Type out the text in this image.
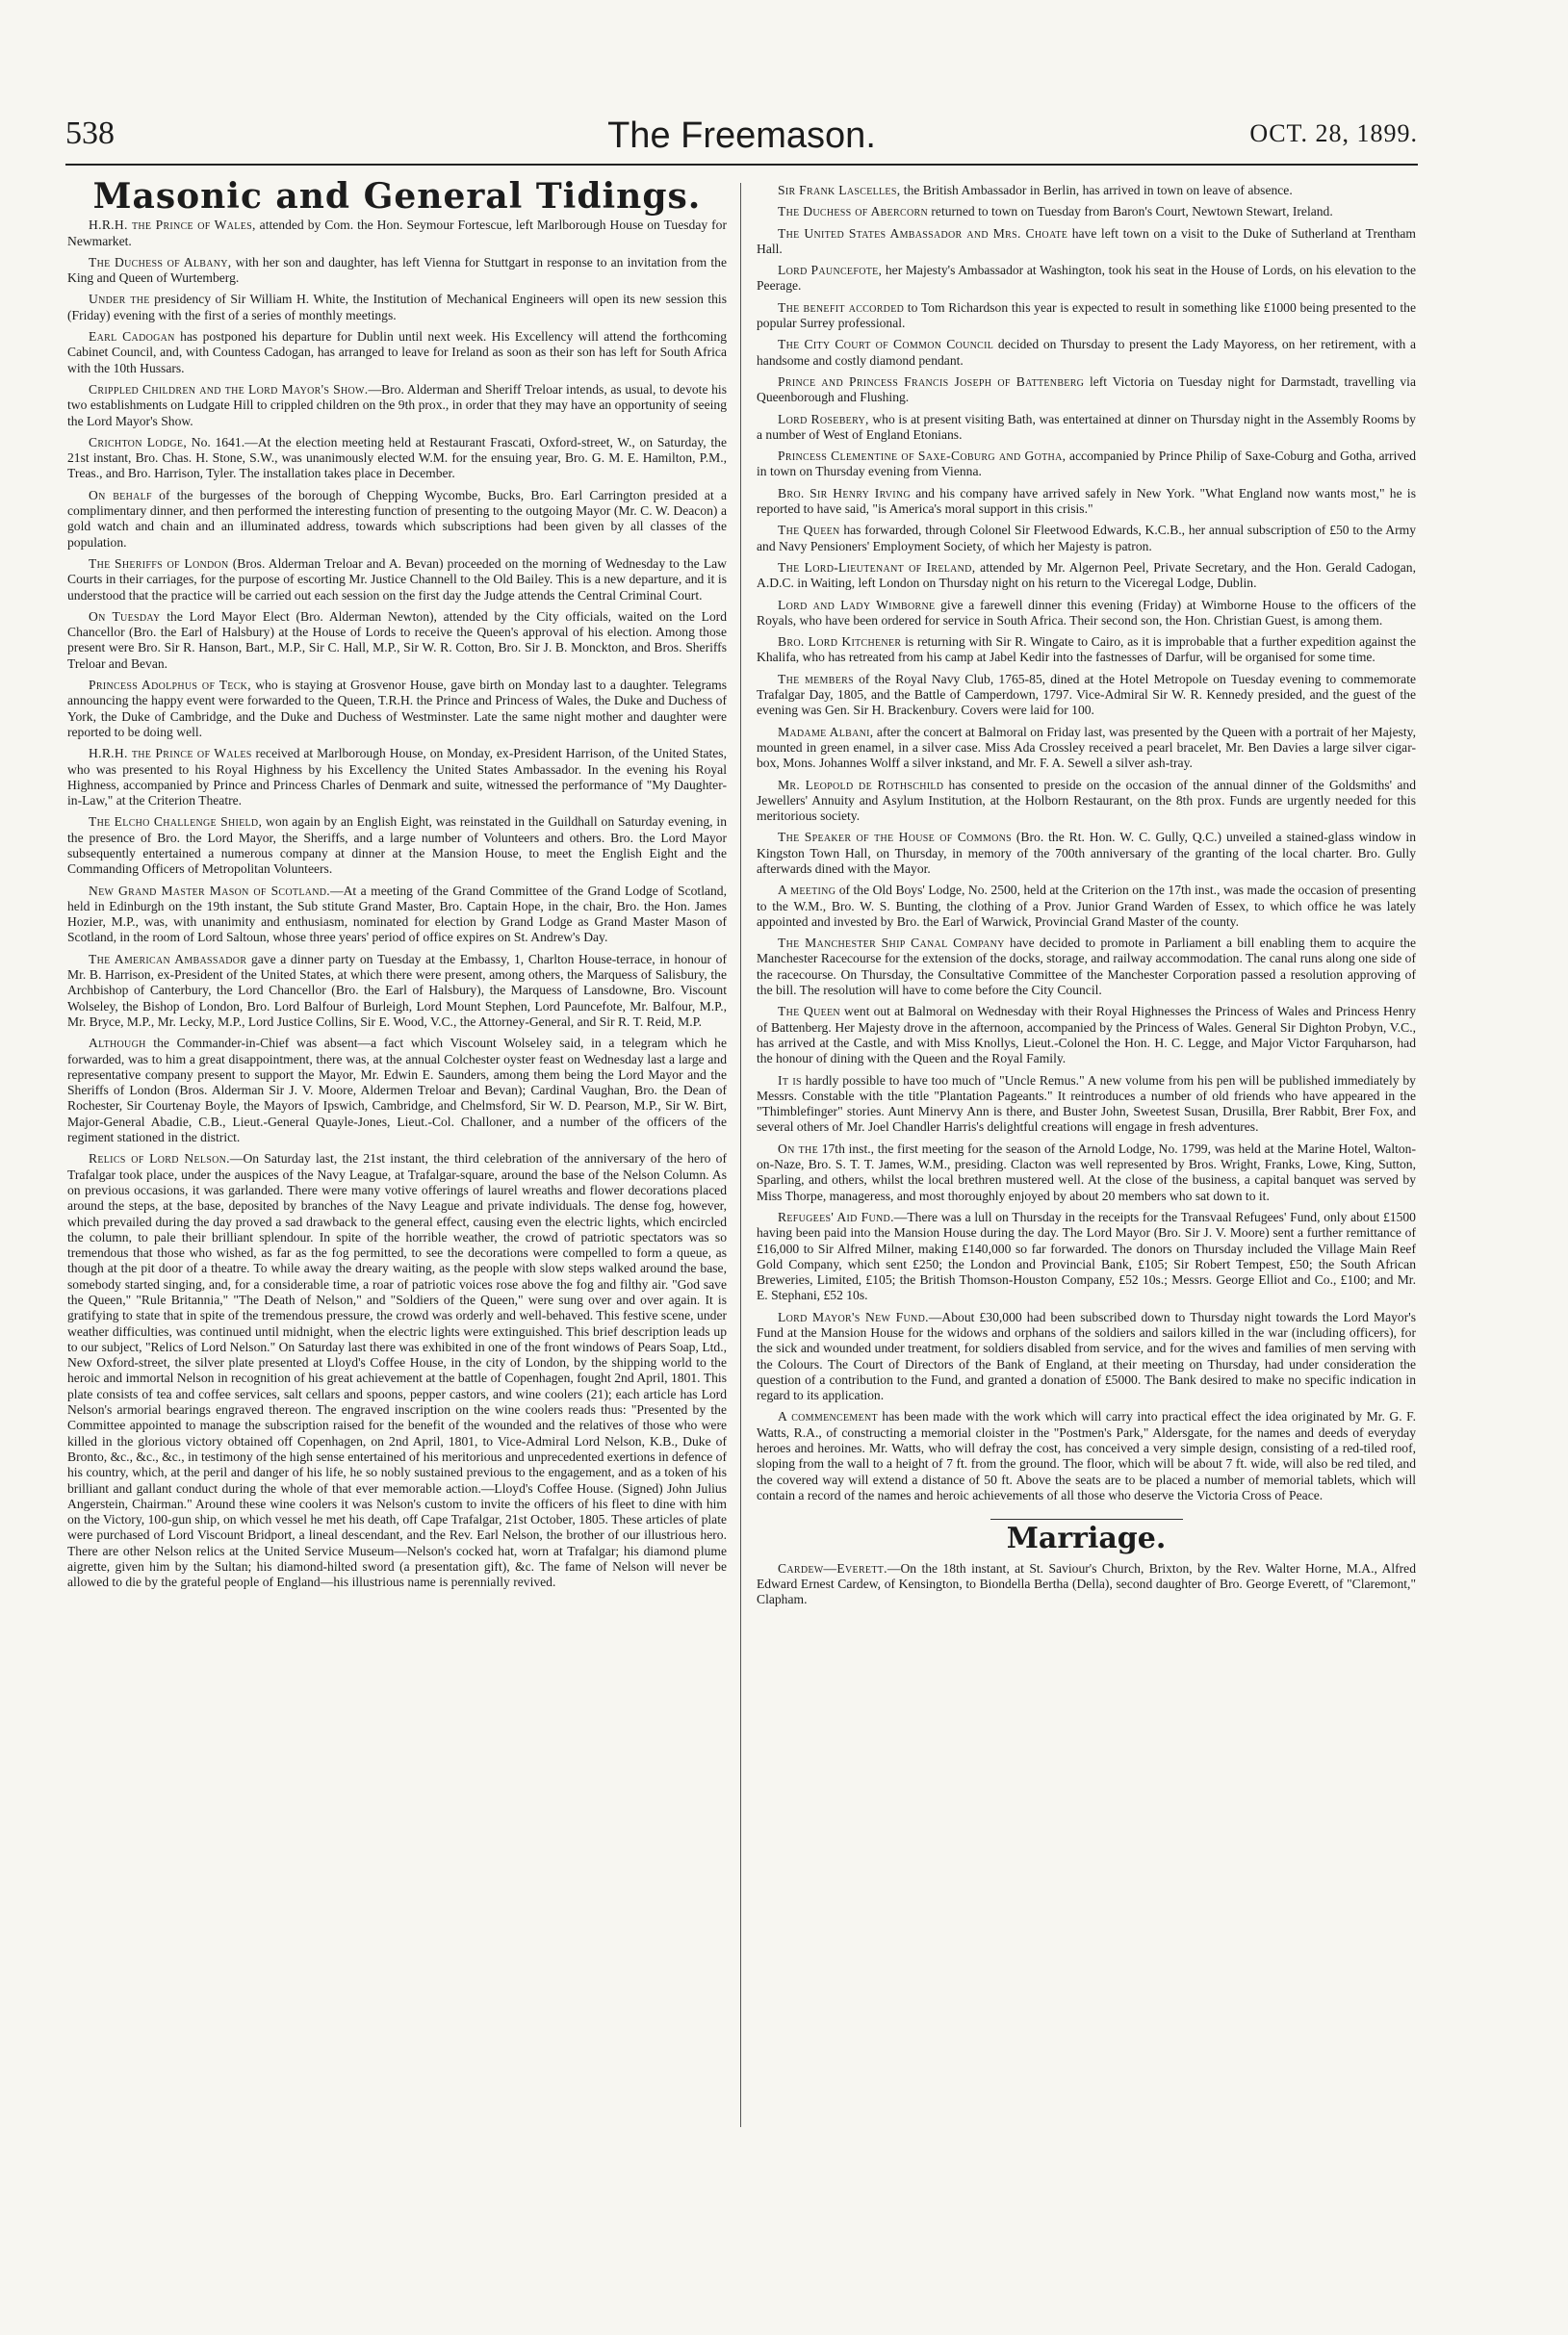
538	The Freemason.	OCT. 28, 1899.
Masonic and General Tidings.

H.R.H. the Prince of Wales, attended by Com. the Hon. Seymour Fortescue, left Marlborough House on Tuesday for Newmarket.

The Duchess of Albany, with her son and daughter, has left Vienna for Stuttgart in response to an invitation from the King and Queen of Wurtemberg.

Under the presidency of Sir William H. White, the Institution of Mechanical Engineers will open its new session this (Friday) evening with the first of a series of monthly meetings.

Earl Cadogan has postponed his departure for Dublin until next week. His Excellency will attend the forthcoming Cabinet Council, and, with Countess Cadogan, has arranged to leave for Ireland as soon as their son has left for South Africa with the 10th Hussars.

Crippled Children and the Lord Mayor's Show.—Bro. Alderman and Sheriff Treloar intends, as usual, to devote his two establishments on Ludgate Hill to crippled children on the 9th prox., in order that they may have an opportunity of seeing the Lord Mayor's Show.

Crichton Lodge, No. 1641.—At the election meeting held at Restaurant Frascati, Oxford-street, W., on Saturday, the 21st instant, Bro. Chas. H. Stone, S.W., was unanimously elected W.M. for the ensuing year, Bro. G. M. E. Hamilton, P.M., Treas., and Bro. Harrison, Tyler. The installation takes place in December.

On behalf of the burgesses of the borough of Chepping Wycombe, Bucks, Bro. Earl Carrington presided at a complimentary dinner, and then performed the interesting function of presenting to the outgoing Mayor (Mr. C. W. Deacon) a gold watch and chain and an illuminated address, towards which subscriptions had been given by all classes of the population.

The Sheriffs of London (Bros. Alderman Treloar and A. Bevan) proceeded on the morning of Wednesday to the Law Courts in their carriages, for the purpose of escorting Mr. Justice Channell to the Old Bailey. This is a new departure, and it is understood that the practice will be carried out each session on the first day the Judge attends the Central Criminal Court.

On Tuesday the Lord Mayor Elect (Bro. Alderman Newton), attended by the City officials, waited on the Lord Chancellor (Bro. the Earl of Halsbury) at the House of Lords to receive the Queen's approval of his election. Among those present were Bro. Sir R. Hanson, Bart., M.P., Sir C. Hall, M.P., Sir W. R. Cotton, Bro. Sir J. B. Monckton, and Bros. Sheriffs Treloar and Bevan.

Princess Adolphus of Teck, who is staying at Grosvenor House, gave birth on Monday last to a daughter. Telegrams announcing the happy event were forwarded to the Queen, T.R.H. the Prince and Princess of Wales, the Duke and Duchess of York, the Duke of Cambridge, and the Duke and Duchess of Westminster. Late the same night mother and daughter were reported to be doing well.

H.R.H. the Prince of Wales received at Marlborough House, on Monday, ex-President Harrison, of the United States, who was presented to his Royal Highness by his Excellency the United States Ambassador. In the evening his Royal Highness, accompanied by Prince and Princess Charles of Denmark and suite, witnessed the performance of "My Daughter-in-Law," at the Criterion Theatre.

The Elcho Challenge Shield, won again by an English Eight, was reinstated in the Guildhall on Saturday evening, in the presence of Bro. the Lord Mayor, the Sheriffs, and a large number of Volunteers and others. Bro. the Lord Mayor subsequently entertained a numerous company at dinner at the Mansion House, to meet the English Eight and the Commanding Officers of Metropolitan Volunteers.

New Grand Master Mason of Scotland.—At a meeting of the Grand Committee of the Grand Lodge of Scotland, held in Edinburgh on the 19th instant, the Sub stitute Grand Master, Bro. Captain Hope, in the chair, Bro. the Hon. James Hozier, M.P., was, with unanimity and enthusiasm, nominated for election by Grand Lodge as Grand Master Mason of Scotland, in the room of Lord Saltoun, whose three years' period of office expires on St. Andrew's Day.

The American Ambassador gave a dinner party on Tuesday at the Embassy, 1, Charlton House-terrace, in honour of Mr. B. Harrison, ex-President of the United States, at which there were present, among others, the Marquess of Salisbury, the Archbishop of Canterbury, the Lord Chancellor (Bro. the Earl of Halsbury), the Marquess of Lansdowne, Bro. Viscount Wolseley, the Bishop of London, Bro. Lord Balfour of Burleigh, Lord Mount Stephen, Lord Pauncefote, Mr. Balfour, M.P., Mr. Bryce, M.P., Mr. Lecky, M.P., Lord Justice Collins, Sir E. Wood, V.C., the Attorney-General, and Sir R. T. Reid, M.P.

Although the Commander-in-Chief was absent—a fact which Viscount Wolseley said, in a telegram which he forwarded, was to him a great disappointment, there was, at the annual Colchester oyster feast on Wednesday last a large and representative company present to support the Mayor, Mr. Edwin E. Saunders, among them being the Lord Mayor and the Sheriffs of London (Bros. Alderman Sir J. V. Moore, Aldermen Treloar and Bevan); Cardinal Vaughan, Bro. the Dean of Rochester, Sir Courtenay Boyle, the Mayors of Ipswich, Cambridge, and Chelmsford, Sir W. D. Pearson, M.P., Sir W. Birt, Major-General Abadie, C.B., Lieut.-General Quayle-Jones, Lieut.-Col. Challoner, and a number of the officers of the regiment stationed in the district.

Relics of Lord Nelson.—On Saturday last, the 21st instant, the third celebration of the anniversary of the hero of Trafalgar took place, under the auspices of the Navy League, at Trafalgar-square, around the base of the Nelson Column. As on previous occasions, it was garlanded. There were many votive offerings of laurel wreaths and flower decorations placed around the steps, at the base, deposited by branches of the Navy League and private individuals. The dense fog, however, which prevailed during the day proved a sad drawback to the general effect, causing even the electric lights, which encircled the column, to pale their brilliant splendour. In spite of the horrible weather, the crowd of patriotic spectators was so tremendous that those who wished, as far as the fog permitted, to see the decorations were compelled to form a queue, as though at the pit door of a theatre. To while away the dreary waiting, as the people with slow steps walked around the base, somebody started singing, and, for a considerable time, a roar of patriotic voices rose above the fog and filthy air. "God save the Queen," "Rule Britannia," "The Death of Nelson," and "Soldiers of the Queen," were sung over and over again. It is gratifying to state that in spite of the tremendous pressure, the crowd was orderly and well-behaved. This festive scene, under weather difficulties, was continued until midnight, when the electric lights were extinguished. This brief description leads up to our subject, "Relics of Lord Nelson." On Saturday last there was exhibited in one of the front windows of Pears Soap, Ltd., New Oxford-street, the silver plate presented at Lloyd's Coffee House, in the city of London, by the shipping world to the heroic and immortal Nelson in recognition of his great achievement at the battle of Copenhagen, fought 2nd April, 1801. This plate consists of tea and coffee services, salt cellars and spoons, pepper castors, and wine coolers (21); each article has Lord Nelson's armorial bearings engraved thereon. The engraved inscription on the wine coolers reads thus: "Presented by the Committee appointed to manage the subscription raised for the benefit of the wounded and the relatives of those who were killed in the glorious victory obtained off Copenhagen, on 2nd April, 1801, to Vice-Admiral Lord Nelson, K.B., Duke of Bronto, &c., &c., &c., in testimony of the high sense entertained of his meritorious and unprecedented exertions in defence of his country, which, at the peril and danger of his life, he so nobly sustained previous to the engagement, and as a token of his brilliant and gallant conduct during the whole of that ever memorable action.—Lloyd's Coffee House. (Signed) John Julius Angerstein, Chairman." Around these wine coolers it was Nelson's custom to invite the officers of his fleet to dine with him on the Victory, 100-gun ship, on which vessel he met his death, off Cape Trafalgar, 21st October, 1805. These articles of plate were purchased of Lord Viscount Bridport, a lineal descendant, and the Rev. Earl Nelson, the brother of our illustrious hero. There are other Nelson relics at the United Service Museum—Nelson's cocked hat, worn at Trafalgar; his diamond plume aigrette, given him by the Sultan; his diamond-hilted sword (a presentation gift), &c. The fame of Nelson will never be allowed to die by the grateful people of England—his illustrious name is perennially revived.

Sir Frank Lascelles, the British Ambassador in Berlin, has arrived in town on leave of absence.

The Duchess of Abercorn returned to town on Tuesday from Baron's Court, Newtown Stewart, Ireland.

The United States Ambassador and Mrs. Choate have left town on a visit to the Duke of Sutherland at Trentham Hall.

Lord Pauncefote, her Majesty's Ambassador at Washington, took his seat in the House of Lords, on his elevation to the Peerage.

The benefit accorded to Tom Richardson this year is expected to result in something like £1000 being presented to the popular Surrey professional.

The City Court of Common Council decided on Thursday to present the Lady Mayoress, on her retirement, with a handsome and costly diamond pendant.

Prince and Princess Francis Joseph of Battenberg left Victoria on Tuesday night for Darmstadt, travelling via Queenborough and Flushing.

Lord Rosebery, who is at present visiting Bath, was entertained at dinner on Thursday night in the Assembly Rooms by a number of West of England Etonians.

Princess Clementine of Saxe-Coburg and Gotha, accompanied by Prince Philip of Saxe-Coburg and Gotha, arrived in town on Thursday evening from Vienna.

Bro. Sir Henry Irving and his company have arrived safely in New York. "What England now wants most," he is reported to have said, "is America's moral support in this crisis."

The Queen has forwarded, through Colonel Sir Fleetwood Edwards, K.C.B., her annual subscription of £50 to the Army and Navy Pensioners' Employment Society, of which her Majesty is patron.

The Lord-Lieutenant of Ireland, attended by Mr. Algernon Peel, Private Secretary, and the Hon. Gerald Cadogan, A.D.C. in Waiting, left London on Thursday night on his return to the Viceregal Lodge, Dublin.

Lord and Lady Wimborne give a farewell dinner this evening (Friday) at Wimborne House to the officers of the Royals, who have been ordered for service in South Africa. Their second son, the Hon. Christian Guest, is among them.

Bro. Lord Kitchener is returning with Sir R. Wingate to Cairo, as it is improbable that a further expedition against the Khalifa, who has retreated from his camp at Jabel Kedir into the fastnesses of Darfur, will be organised for some time.

The members of the Royal Navy Club, 1765-85, dined at the Hotel Metropole on Tuesday evening to commemorate Trafalgar Day, 1805, and the Battle of Camperdown, 1797. Vice-Admiral Sir W. R. Kennedy presided, and the guest of the evening was Gen. Sir H. Brackenbury. Covers were laid for 100.

Madame Albani, after the concert at Balmoral on Friday last, was presented by the Queen with a portrait of her Majesty, mounted in green enamel, in a silver case. Miss Ada Crossley received a pearl bracelet, Mr. Ben Davies a large silver cigar-box, Mons. Johannes Wolff a silver inkstand, and Mr. F. A. Sewell a silver ash-tray.

Mr. Leopold de Rothschild has consented to preside on the occasion of the annual dinner of the Goldsmiths' and Jewellers' Annuity and Asylum Institution, at the Holborn Restaurant, on the 8th prox. Funds are urgently needed for this meritorious society.

The Speaker of the House of Commons (Bro. the Rt. Hon. W. C. Gully, Q.C.) unveiled a stained-glass window in Kingston Town Hall, on Thursday, in memory of the 700th anniversary of the granting of the local charter. Bro. Gully afterwards dined with the Mayor.

A meeting of the Old Boys' Lodge, No. 2500, held at the Criterion on the 17th inst., was made the occasion of presenting to the W.M., Bro. W. S. Bunting, the clothing of a Prov. Junior Grand Warden of Essex, to which office he was lately appointed and invested by Bro. the Earl of Warwick, Provincial Grand Master of the county.

The Manchester Ship Canal Company have decided to promote in Parliament a bill enabling them to acquire the Manchester Racecourse for the extension of the docks, storage, and railway accommodation. The canal runs along one side of the racecourse. On Thursday, the Consultative Committee of the Manchester Corporation passed a resolution approving of the bill. The resolution will have to come before the City Council.

The Queen went out at Balmoral on Wednesday with their Royal Highnesses the Princess of Wales and Princess Henry of Battenberg. Her Majesty drove in the afternoon, accompanied by the Princess of Wales. General Sir Dighton Probyn, V.C., has arrived at the Castle, and with Miss Knollys, Lieut.-Colonel the Hon. H. C. Legge, and Major Victor Farquharson, had the honour of dining with the Queen and the Royal Family.

It is hardly possible to have too much of "Uncle Remus." A new volume from his pen will be published immediately by Messrs. Constable with the title "Plantation Pageants." It reintroduces a number of old friends who have appeared in the "Thimblefinger" stories. Aunt Minervy Ann is there, and Buster John, Sweetest Susan, Drusilla, Brer Rabbit, Brer Fox, and several others of Mr. Joel Chandler Harris's delightful creations will engage in fresh adventures.

On the 17th inst., the first meeting for the season of the Arnold Lodge, No. 1799, was held at the Marine Hotel, Walton-on-Naze, Bro. S. T. T. James, W.M., presiding. Clacton was well represented by Bros. Wright, Franks, Lowe, King, Sutton, Sparling, and others, whilst the local brethren mustered well. At the close of the business, a capital banquet was served by Miss Thorpe, manageress, and most thoroughly enjoyed by about 20 members who sat down to it.

Refugees' Aid Fund.—There was a lull on Thursday in the receipts for the Transvaal Refugees' Fund, only about £1500 having been paid into the Mansion House during the day. The Lord Mayor (Bro. Sir J. V. Moore) sent a further remittance of £16,000 to Sir Alfred Milner, making £140,000 so far forwarded. The donors on Thursday included the Village Main Reef Gold Company, which sent £250; the London and Provincial Bank, £105; Sir Robert Tempest, £50; the South African Breweries, Limited, £105; the British Thomson-Houston Company, £52 10s.; Messrs. George Elliot and Co., £100; and Mr. E. Stephani, £52 10s.

Lord Mayor's New Fund.—About £30,000 had been subscribed down to Thursday night towards the Lord Mayor's Fund at the Mansion House for the widows and orphans of the soldiers and sailors killed in the war (including officers), for the sick and wounded under treatment, for soldiers disabled from service, and for the wives and families of men serving with the Colours. The Court of Directors of the Bank of England, at their meeting on Thursday, had under consideration the question of a contribution to the Fund, and granted a donation of £5000. The Bank desired to make no specific indication in regard to its application.

A commencement has been made with the work which will carry into practical effect the idea originated by Mr. G. F. Watts, R.A., of constructing a memorial cloister in the "Postmen's Park," Aldersgate, for the names and deeds of everyday heroes and heroines. Mr. Watts, who will defray the cost, has conceived a very simple design, consisting of a red-tiled roof, sloping from the wall to a height of 7 ft. from the ground. The floor, which will be about 7 ft. wide, will also be red tiled, and the covered way will extend a distance of 50 ft. Above the seats are to be placed a number of memorial tablets, which will contain a record of the names and heroic achievements of all those who deserve the Victoria Cross of Peace.

Marriage.

Cardew—Everett.—On the 18th instant, at St. Saviour's Church, Brixton, by the Rev. Walter Horne, M.A., Alfred Edward Ernest Cardew, of Kensington, to Biondella Bertha (Della), second daughter of Bro. George Everett, of "Claremont," Clapham.
